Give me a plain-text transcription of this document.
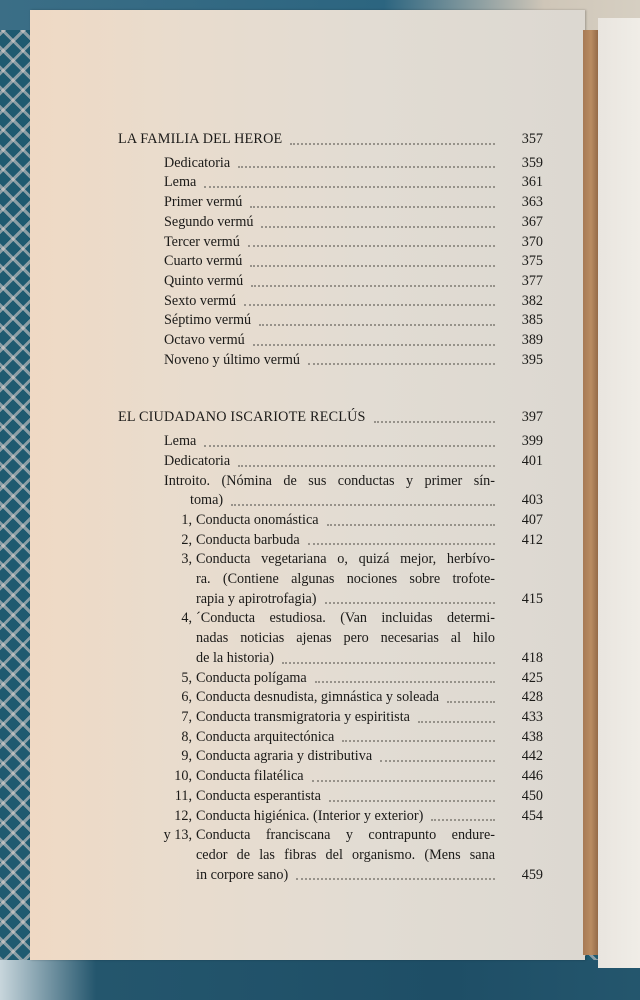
LA FAMILIA DEL HEROE	357
Dedicatoria	359
Lema	361
Primer vermú	363
Segundo vermú	367
Tercer vermú	370
Cuarto vermú	375
Quinto vermú	377
Sexto vermú	382
Séptimo vermú	385
Octavo vermú	389
Noveno y último vermú	395
EL CIUDADANO ISCARIOTE RECLÚS	397
Lema	399
Dedicatoria	401
Introito. (Nómina de sus conductas y primer sín-
toma)	403
1, Conducta onomástica	407
2, Conducta barbuda	412
3, Conducta vegetariana o, quizá mejor, herbívo-
ra. (Contiene algunas nociones sobre trofote-
rapia y apirotrofagia)	415
4, ´Conducta estudiosa. (Van incluidas determi-
nadas noticias ajenas pero necesarias al hilo
de la historia)	418
5, Conducta polígama	425
6, Conducta desnudista, gimnástica y soleada	428
7, Conducta transmigratoria y espiritista	433
8, Conducta arquitectónica	438
9, Conducta agraria y distributiva	442
10, Conducta filatélica	446
11, Conducta esperantista	450
12, Conducta higiénica. (Interior y exterior)	454
y 13, Conducta franciscana y contrapunto endure-
cedor de las fibras del organismo. (Mens sana
in corpore sano)	459
